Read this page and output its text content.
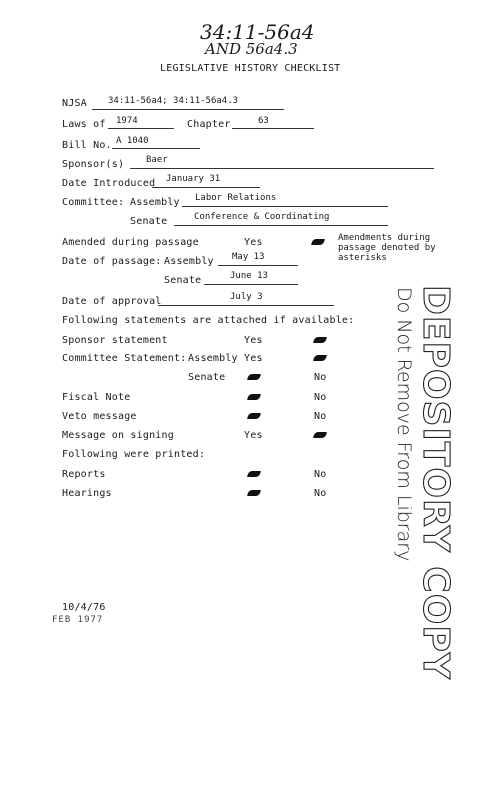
34:11-56a4
AND 56a4.3
LEGISLATIVE HISTORY CHECKLIST
NJSA 34:11-56a4; 34:11-56a4.3
Laws of 1974	Chapter	63
Bill No. A 1040
Sponsor(s) Baer
Date Introduced January 31
Committee: Assembly Labor Relations
Senate	Conference & Coordinating
Amended during passage	Yes	Amendments during
passage denoted by
asterisks
Date of passage: Assembly May 13
Senate	June 13
Date of approval	July 3
Following statements are attached if available:
Sponsor statement	Yes
Committee Statement: Assembly Yes
Senate	No
Fiscal Note	No
Veto message	No
Message on signing	Yes
Following were printed:
Reports	No
Hearings	No
10/4/76
FEB 1977	DEPOSITORY COPY
Do Not Remove From Library
